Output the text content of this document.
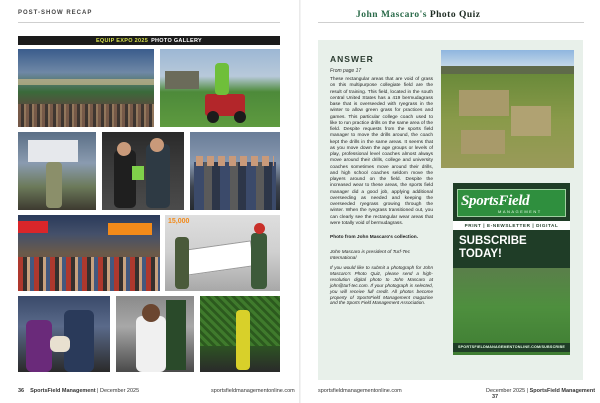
POST-SHOW RECAP
EQUIP EXPO 2025 PHOTO GALLERY
15,000
36 SportsField Management | December 2025	sportsfieldmanagementonline.com
John Mascaro's Photo Quiz
ANSWER
From page 17
These rectangular areas that are void of grass on this multipurpose collegiate field are the result of training. This field, located in the south central United States has a 419 bermudagrass base that is overseeded with ryegrass in the winter to allow green grass for practices and games. This particular college coach used to like to run practice drills on the same area of the field. Despite requests from the sports field manager to move the drills around, the coach kept the drills in the same areas. It seems that as you move down the age groups or levels of play, professional level coaches almost always move around their drills, college and university coaches sometimes move around their drills, and high school coaches seldom move the players around on the field. Despite the increased wear to these areas, the sports field manager did a good job, applying additional overseeding as needed and keeping the overseeded ryegrass growing through the winter. When the ryegrass transitioned out, you can clearly see the rectangular wear areas that were totally void of bermudagrass.
Photo from John Mascaro's collection.
John Mascaro is president of Turf-Tec International
If you would like to submit a photograph for John Mascaro's Photo Quiz, please send a high-resolution digital photo to John Mascaro at john@turf-tec.com. If your photograph is selected, you will receive full credit. All photos become property of SportsField Management magazine and the Sports Field Management Association.
SportsField
MANAGEMENT
PRINT | E-NEWSLETTER | DIGITAL
SUBSCRIBE
TODAY!
SPORTSFIELDMANAGEMENTONLINE.COM/SUBSCRIBE
sportsfieldmanagementonline.com	December 2025 | SportsField Management 37
